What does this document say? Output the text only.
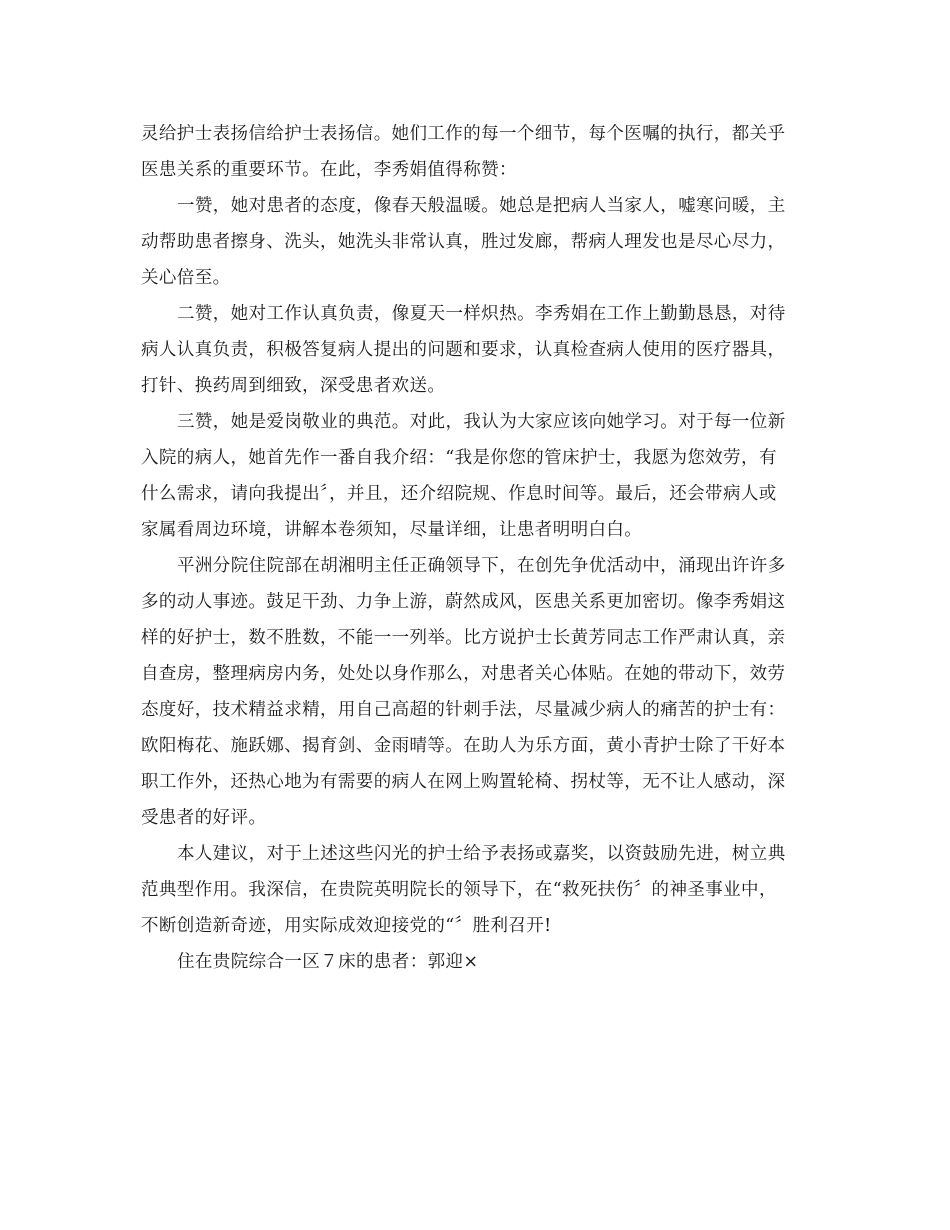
灵给护士表扬信给护士表扬信。她们工作的每一个细节，每个医嘱的执行，都关乎
医患关系的重要环节。在此，李秀娟值得称赞：

一赞，她对患者的态度，像春天般温暖。她总是把病人当家人，嘘寒问暖，主
动帮助患者擦身、洗头，她洗头非常认真，胜过发廊，帮病人理发也是尽心尽力，
关心倍至。

二赞，她对工作认真负责，像夏天一样炽热。李秀娟在工作上勤勤恳恳，对待
病人认真负责，积极答复病人提出的问题和要求，认真检查病人使用的医疗器具，
打针、换药周到细致，深受患者欢送。

三赞，她是爱岗敬业的典范。对此，我认为大家应该向她学习。对于每一位新
入院的病人，她首先作一番自我介绍：“我是你您的管床护士，我愿为您效劳，有
什么需求，请向我提出〞，并且，还介绍院规、作息时间等。最后，还会带病人或
家属看周边环境，讲解本卷须知，尽量详细，让患者明明白白。

平洲分院住院部在胡湘明主任正确领导下，在创先争优活动中，涌现出许许多
多的动人事迹。鼓足干劲、力争上游，蔚然成风，医患关系更加密切。像李秀娟这
样的好护士，数不胜数，不能一一列举。比方说护士长黄芳同志工作严肃认真，亲
自查房，整理病房内务，处处以身作那么，对患者关心体贴。在她的带动下，效劳
态度好，技术精益求精，用自己高超的针刺手法，尽量减少病人的痛苦的护士有：
欧阳梅花、施跃娜、揭育剑、金雨晴等。在助人为乐方面，黄小青护士除了干好本
职工作外，还热心地为有需要的病人在网上购置轮椅、拐杖等，无不让人感动，深
受患者的好评。

本人建议，对于上述这些闪光的护士给予表扬或嘉奖，以资鼓励先进，树立典
范典型作用。我深信，在贵院英明院长的领导下，在“救死扶伤〞的神圣事业中，
不断创造新奇迹，用实际成效迎接党的“〞胜利召开!

住在贵院综合一区７床的患者：郭迎×
